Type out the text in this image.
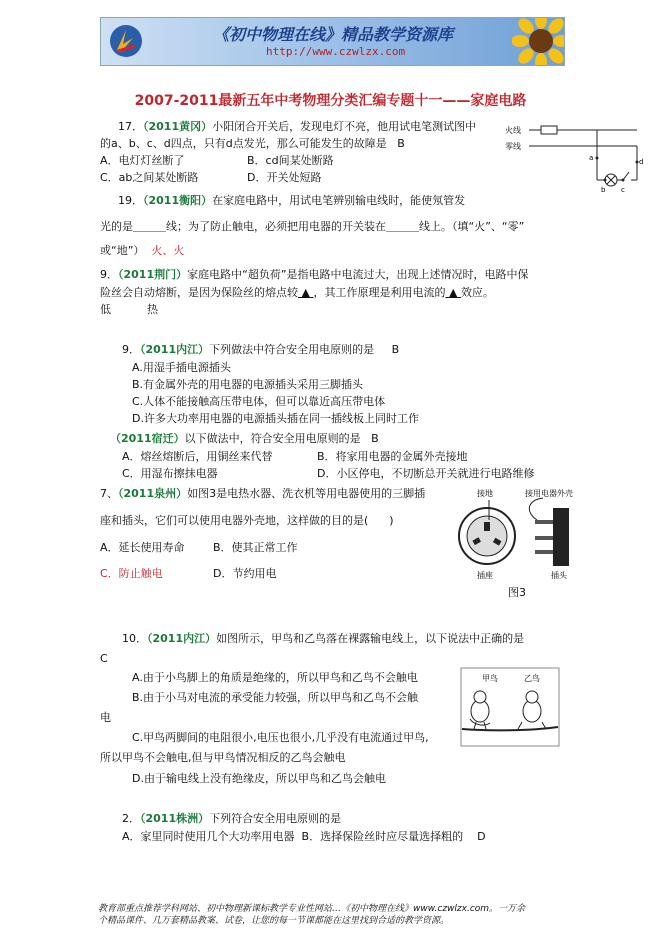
《初中物理在线》精品教学资源库
http://www.czwlzx.com
2007-2011最新五年中考物理分类汇编专题十一——家庭电路
17．（2011黄冈）小阳闭合开关后，发现电灯不亮，他用试电笔测试图中
的a、b、c、d四点，只有d点发光，那么可能发生的故障是 B
A．电灯灯丝断了	B．cd间某处断路
C．ab之间某处断路	D．开关处短路
火线
零线
a
b c
d
19．（2011衡阳）在家庭电路中，用试电笔辨别输电线时，能使氖管发
光的是＿＿＿线；为了防止触电，必须把用电器的开关装在＿＿＿线上。（填“火”、“零”
或“地”） 火、火
9．（2011荆门）家庭电路中“超负荷”是指电路中电流过大，出现上述情况时，电路中保
险丝会自动熔断，是因为保险丝的熔点较 ▲ ，其工作原理是利用电流的 ▲ 效应。
低	热
9．（2011内江）下列做法中符合安全用电原则的是 B
A.用湿手插电源插头
B.有金属外壳的用电器的电源插头采用三脚插头
C.人体不能接触高压带电体，但可以靠近高压带电体
D.许多大功率用电器的电源插头插在同一插线板上同时工作
（2011宿迁）以下做法中，符合安全用电原则的是 B
A．熔丝熔断后，用铜丝来代替	B．将家用电器的金属外壳接地
C．用湿布擦抹电器	D．小区停电，不切断总开关就进行电路维修
7、（2011泉州）如图3是电热水器、洗衣机等用电器使用的三脚插
座和插头，它们可以使用电器外壳地，这样做的目的是( )
A．延长使用寿命	B．使其正常工作
C．防止触电	D．节约用电
接地	接用电器外壳
插座	插头
图3
10．（2011内江）如图所示，甲鸟和乙鸟落在裸露输电线上，以下说法中正确的是
C
A.由于小鸟脚上的角质是绝缘的，所以甲鸟和乙鸟不会触电
B.由于小马对电流的承受能力较强，所以甲鸟和乙鸟不会触
电
C.甲鸟两脚间的电阻很小,电压也很小,几乎没有电流通过甲鸟,
所以甲鸟不会触电,但与甲鸟情况相反的乙鸟会触电
D.由于输电线上没有绝缘皮，所以甲鸟和乙鸟会触电
甲鸟	乙鸟
2．（2011株洲）下列符合安全用电原则的是
A．家里同时使用几个大功率用电器 B．选择保险丝时应尽量选择粗的 D
教育部重点推荐学科网站、初中物理新课标教学专业性网站…《初中物理在线》www.czwlzx.com。一万余
个精品课件、几万套精品教案、试卷，让您的每一节课都能在这里找到合适的教学资源。
